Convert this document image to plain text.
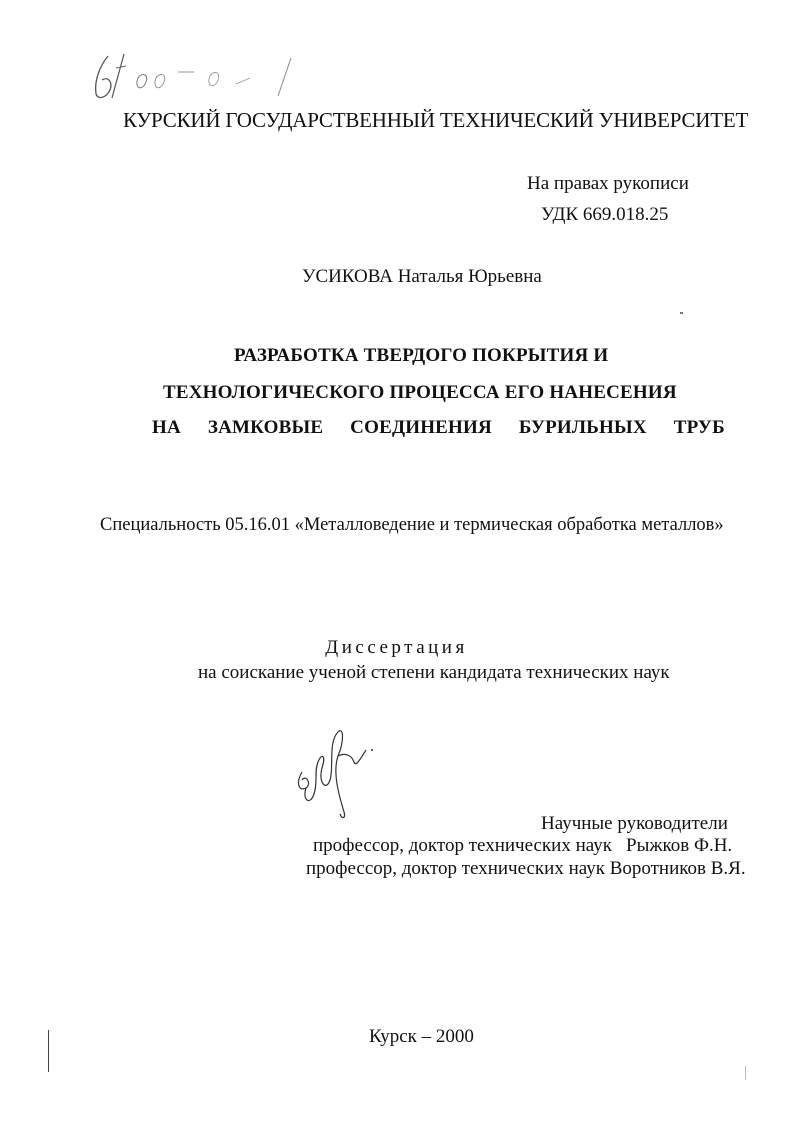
КУРСКИЙ ГОСУДАРСТВЕННЫЙ ТЕХНИЧЕСКИЙ УНИВЕРСИТЕТ
На правах рукописи
УДК 669.018.25
УСИКОВА Наталья Юрьевна
РАЗРАБОТКА ТВЕРДОГО ПОКРЫТИЯ И
ТЕХНОЛОГИЧЕСКОГО ПРОЦЕССА ЕГО НАНЕСЕНИЯ
НА ЗАМКОВЫЕ СОЕДИНЕНИЯ БУРИЛЬНЫХ ТРУБ
Специальность 05.16.01 «Металловедение и термическая обработка металлов»
Диссертация
на соискание ученой степени кандидата технических наук
Научные руководители
профессор, доктор технических наук Рыжков Ф.Н.
профессор, доктор технических наук Воротников В.Я.
Курск – 2000
